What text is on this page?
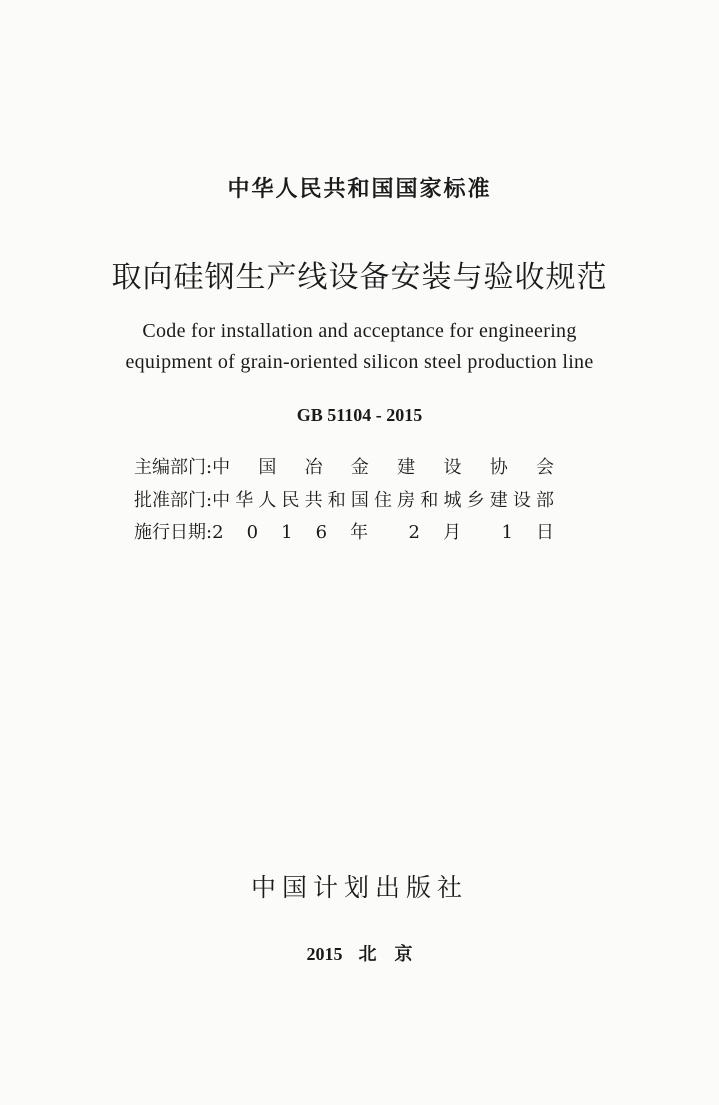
中华人民共和国国家标准
取向硅钢生产线设备安装与验收规范
Code for installation and acceptance for engineering
equipment of grain-oriented silicon steel production line
GB 51104 - 2015
主编部门: 中 国 冶 金 建 设 协 会
批准部门: 中华人民共和国住房和城乡建设部
施行日期: 2 0 1 6 年 2 月 1 日
中国计划出版社
2015 北　京
